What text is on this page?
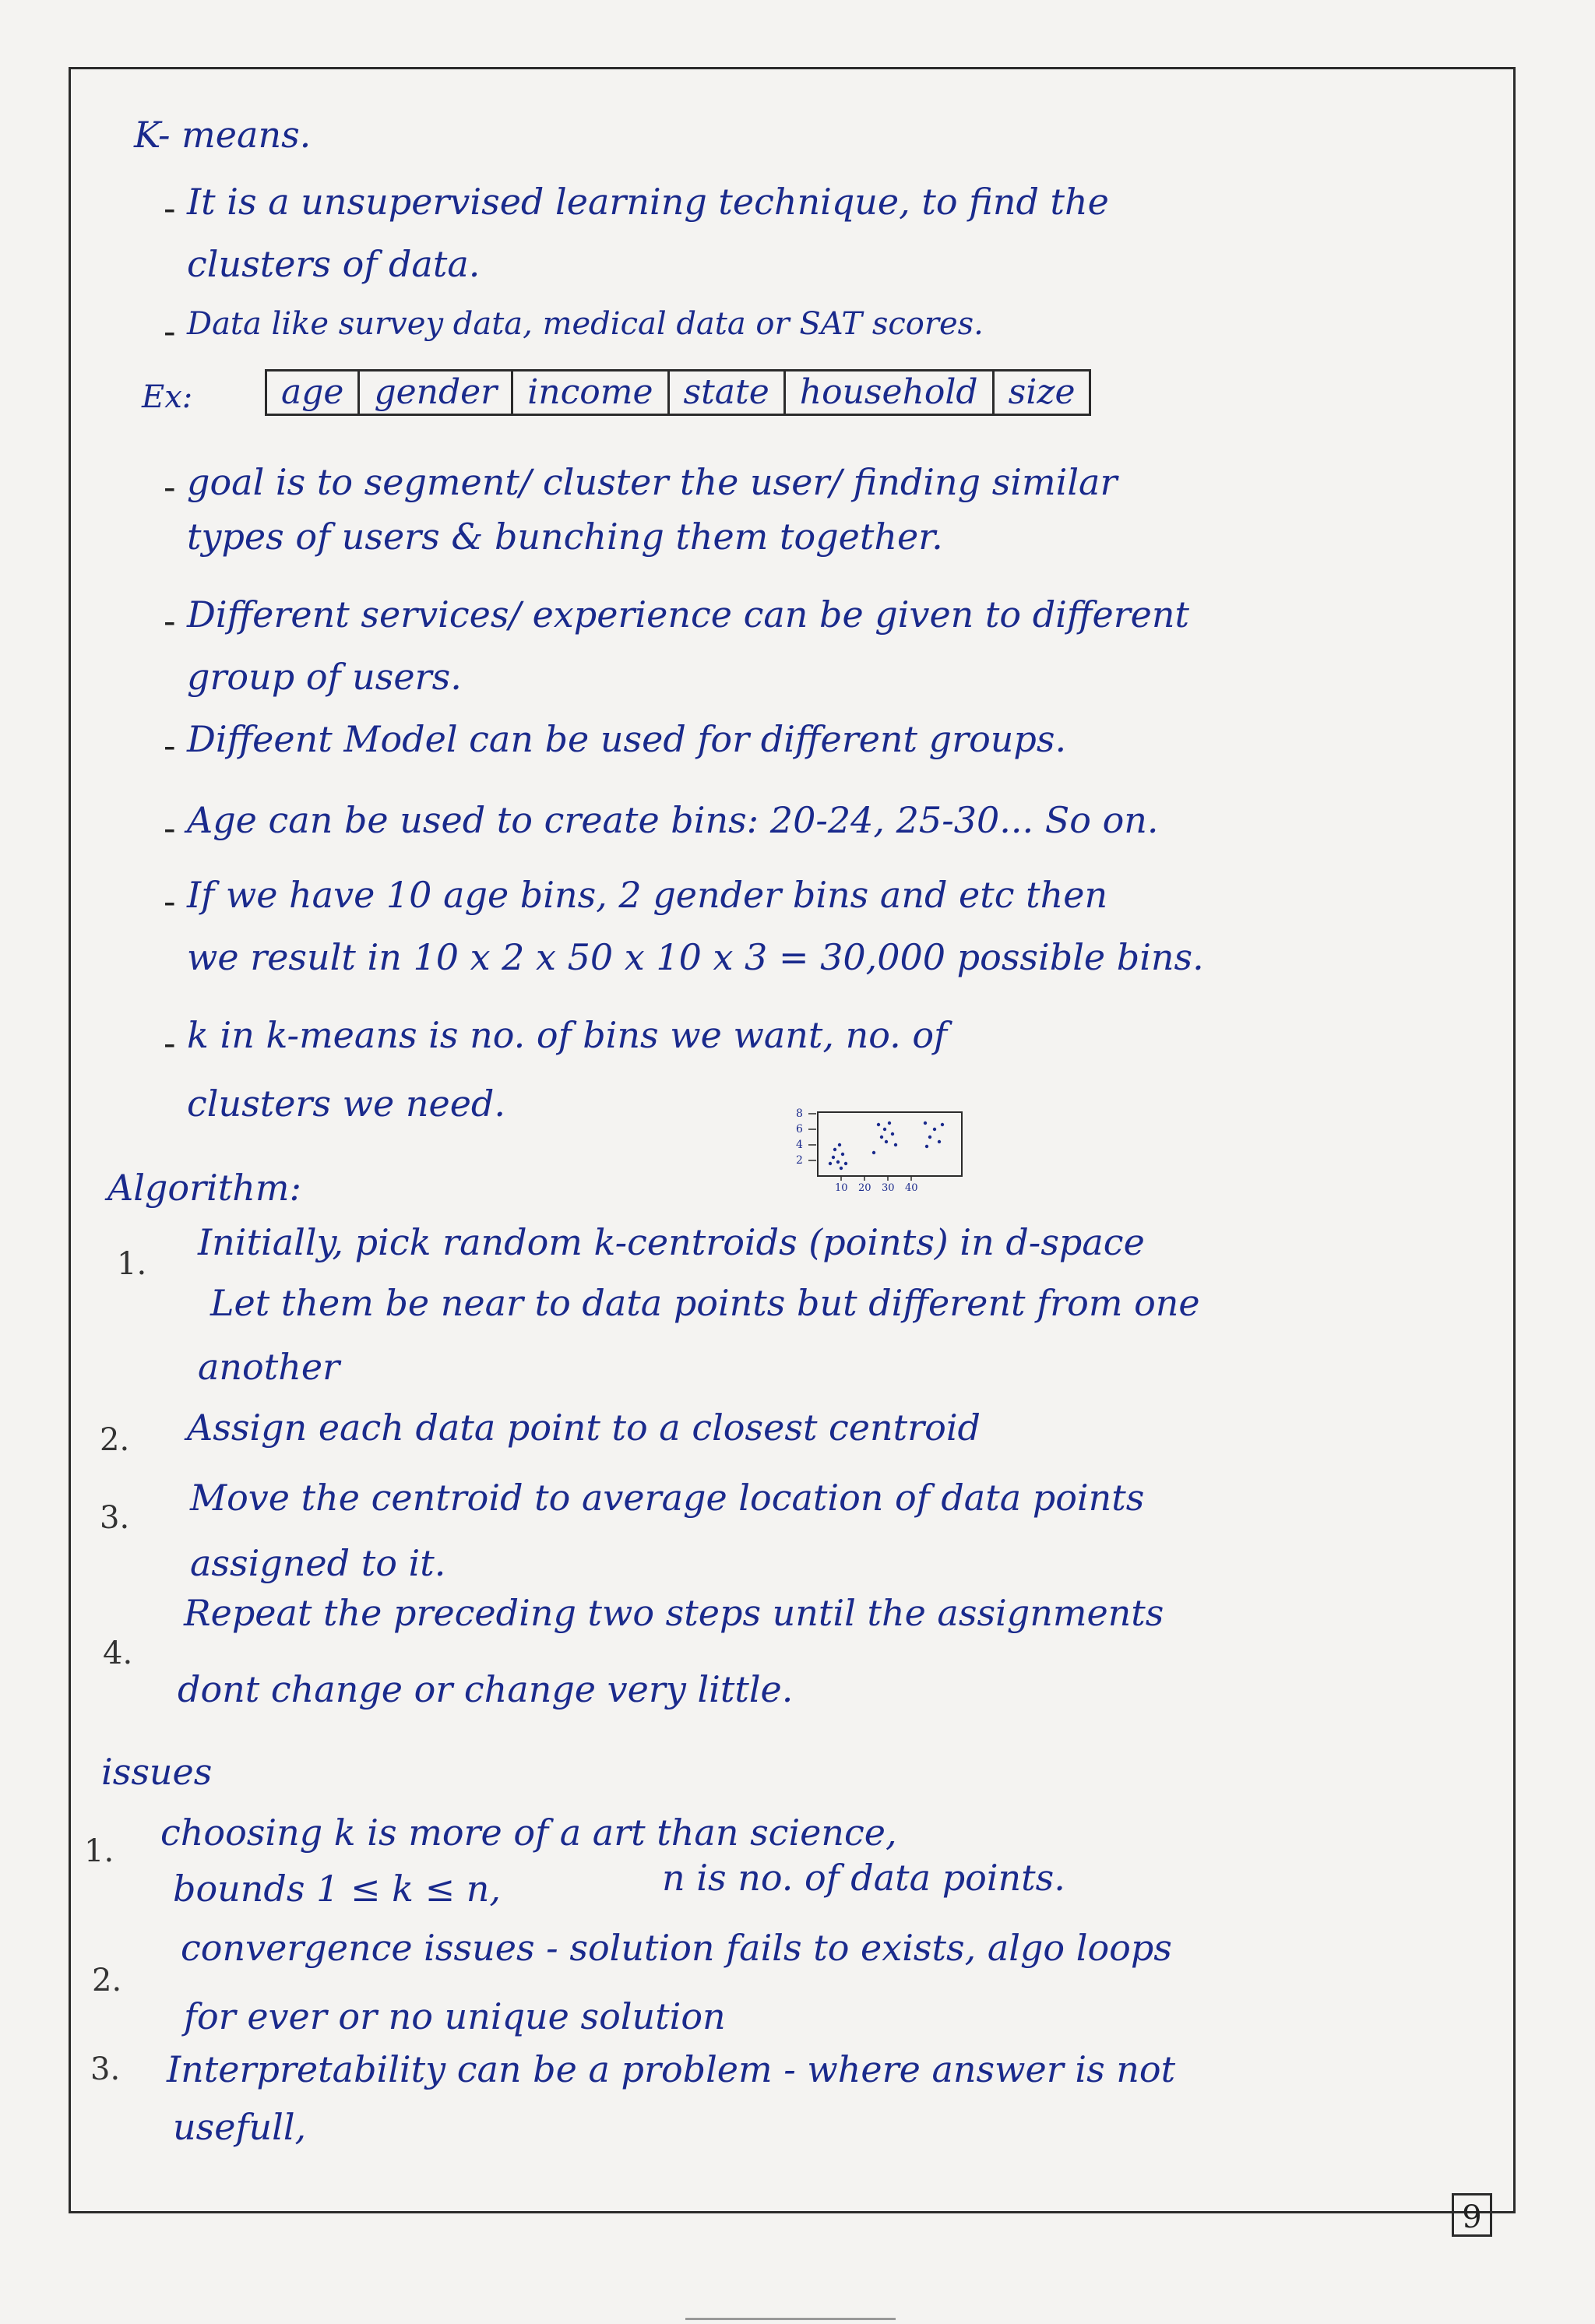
K- means.
- It is a unsupervised learning technique, to find the
clusters of data.
- Data like survey data, medical data or SAT scores.
Ex:	age	gender	income	state	household	size
- goal is to segment/ cluster the user/ finding similar
types of users & bunching them together.
- Different services/ experience can be given to different
group of users.
- Diffeent Model can be used for different groups.
- Age can be used to create bins: 20-24, 25-30... So on.
- If we have 10 age bins, 2 gender bins and etc then
we result in 10 x 2 x 50 x 10 x 3 = 30,000 possible bins.
- k in k-means is no. of bins we want, no. of
clusters we need.	8
6
4
2
10 20 30 40
Algorithm:
1.
Initially, pick random k-centroids (points) in d-space
Let them be near to data points but different from one
another
2. Assign each data point to a closest centroid
3. Move the centroid to average location of data points
assigned to it.
4.
Repeat the preceding two steps until the assignments
dont change or change very little.
issues
1. choosing k is more of a art than science,
bounds 1 ≤ k ≤ n,	n is no. of data points.
2.
convergence issues - solution fails to exists, algo loops
for ever or no unique solution
3. Interpretability can be a problem - where answer is not
usefull,
9
